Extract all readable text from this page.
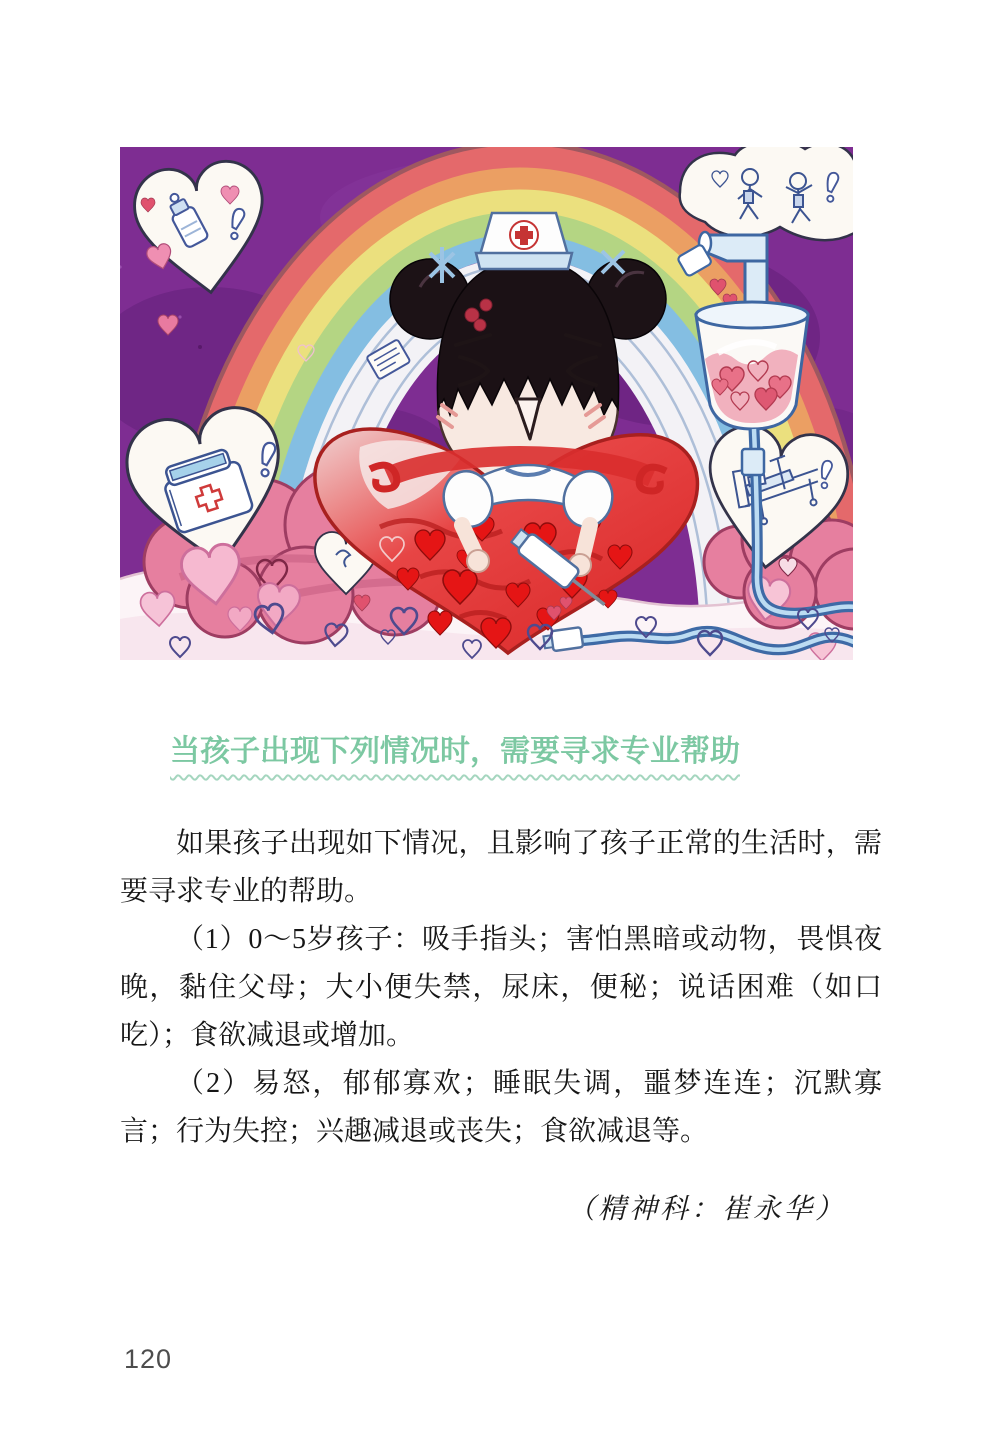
当孩子出现下列情况时，需要寻求专业帮助

如果孩子出现如下情况，且影响了孩子正常的生活时，需要寻求专业的帮助。

（1）0～5岁孩子：吸手指头；害怕黑暗或动物，畏惧夜晚，黏住父母；大小便失禁，尿床，便秘；说话困难（如口吃）；食欲减退或增加。

（2）易怒，郁郁寡欢；睡眠失调，噩梦连连；沉默寡言；行为失控；兴趣减退或丧失；食欲减退等。

（精神科：崔永华）

120
